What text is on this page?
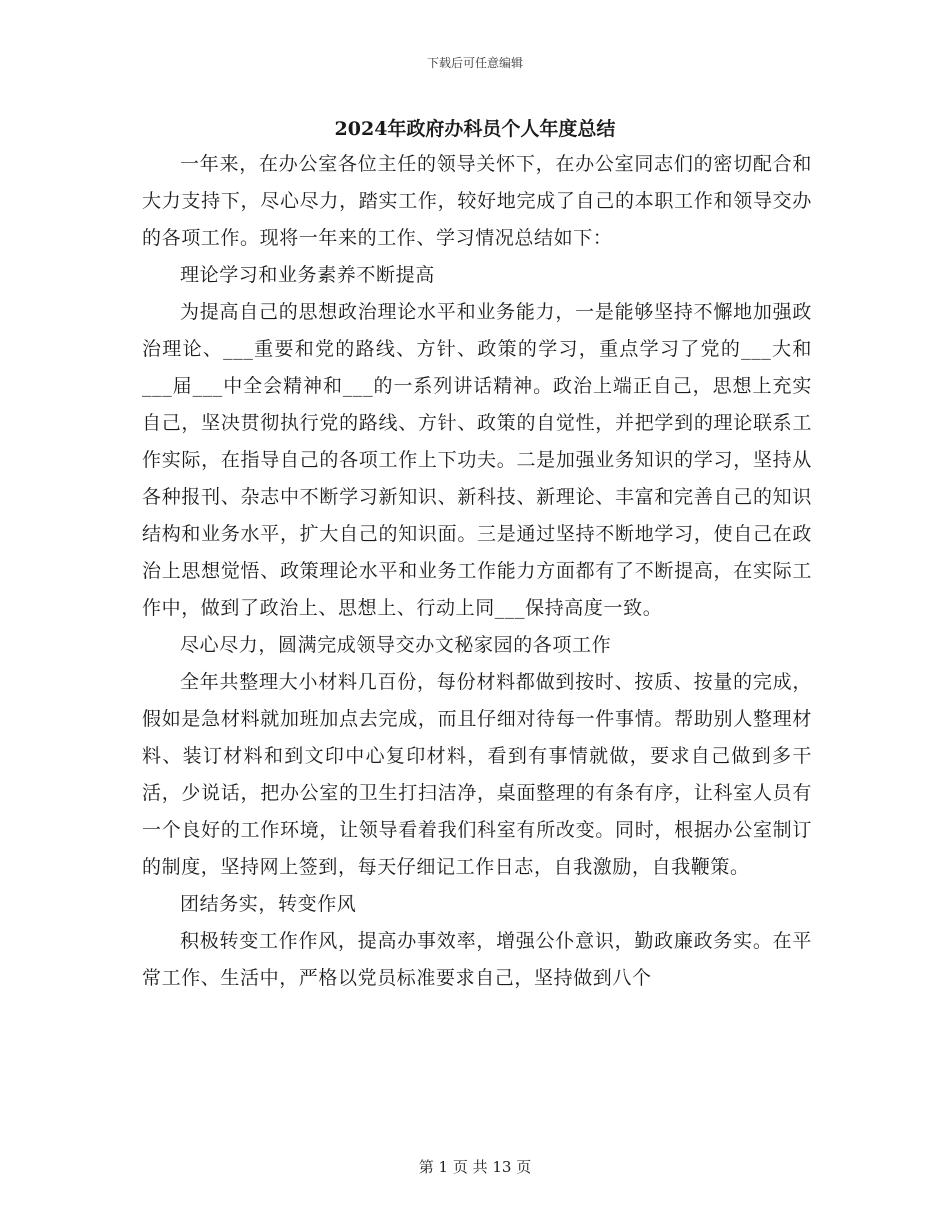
下载后可任意编辑
2024年政府办科员个人年度总结

一年来，在办公室各位主任的领导关怀下，在办公室同志们的密切配合和大力支持下，尽心尽力，踏实工作，较好地完成了自己的本职工作和领导交办的各项工作。现将一年来的工作、学习情况总结如下：

理论学习和业务素养不断提高

为提高自己的思想政治理论水平和业务能力，一是能够坚持不懈地加强政治理论、___重要和党的路线、方针、政策的学习，重点学习了党的___大和___届___中全会精神和___的一系列讲话精神。政治上端正自己，思想上充实自己，坚决贯彻执行党的路线、方针、政策的自觉性，并把学到的理论联系工作实际，在指导自己的各项工作上下功夫。二是加强业务知识的学习，坚持从各种报刊、杂志中不断学习新知识、新科技、新理论、丰富和完善自己的知识结构和业务水平，扩大自己的知识面。三是通过坚持不断地学习，使自己在政治上思想觉悟、政策理论水平和业务工作能力方面都有了不断提高，在实际工作中，做到了政治上、思想上、行动上同___保持高度一致。

尽心尽力，圆满完成领导交办文秘家园的各项工作

全年共整理大小材料几百份，每份材料都做到按时、按质、按量的完成，假如是急材料就加班加点去完成，而且仔细对待每一件事情。帮助别人整理材料、装订材料和到文印中心复印材料，看到有事情就做，要求自己做到多干活，少说话，把办公室的卫生打扫洁净，桌面整理的有条有序，让科室人员有一个良好的工作环境，让领导看着我们科室有所改变。同时，根据办公室制订的制度，坚持网上签到，每天仔细记工作日志，自我激励，自我鞭策。

团结务实，转变作风

积极转变工作作风，提高办事效率，增强公仆意识，勤政廉政务实。在平常工作、生活中，严格以党员标准要求自己，坚持做到八个

第 1 页 共 13 页
